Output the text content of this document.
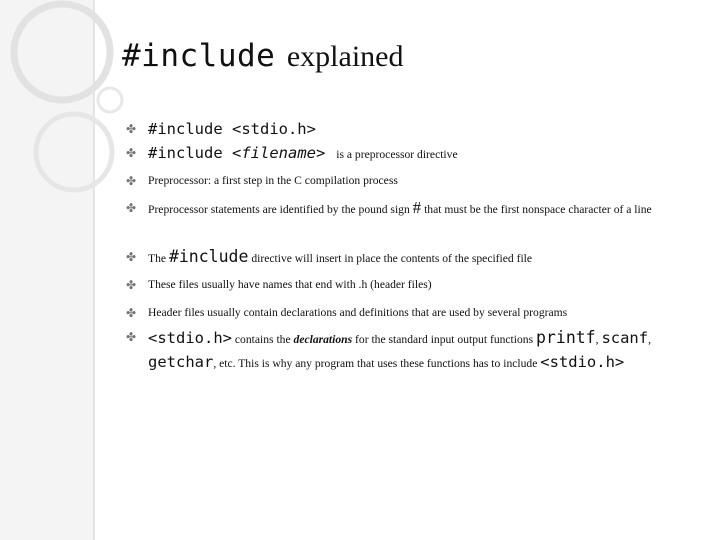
#include explained
✤ #include <stdio.h>
✤ #include <filename> is a preprocessor directive
✤ Preprocessor: a first step in the C compilation process
✤ Preprocessor statements are identified by the pound sign # that must be the first nonspace character of a line
✤ The #include directive will insert in place the contents of the specified file
✤ These files usually have names that end with .h (header files)
✤ Header files usually contain declarations and definitions that are used by several programs
✤ <stdio.h> contains the declarations for the standard input output functions printf, scanf, getchar, etc. This is why any program that uses these functions has to include <stdio.h>
